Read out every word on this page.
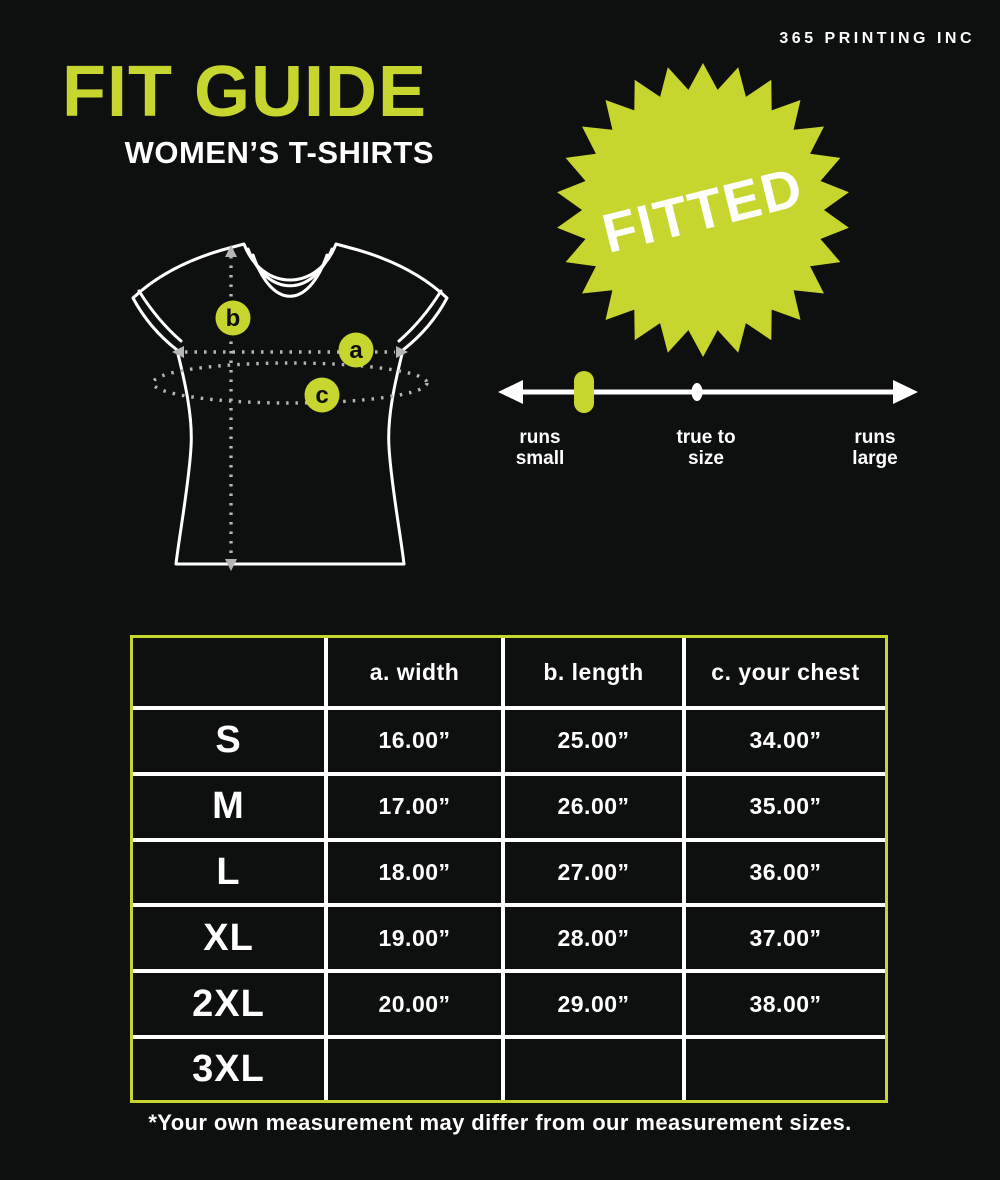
365 PRINTING INC
FIT GUIDE
WOMEN’S T-SHIRTS
b
a
c
FITTED
runs
small
true to
size
runs
large
	a. width	b. length	c. your chest
S	16.00”	25.00”	34.00”
M	17.00”	26.00”	35.00”
L	18.00”	27.00”	36.00”
XL	19.00”	28.00”	37.00”
2XL	20.00”	29.00”	38.00”
3XL			
*Your own measurement may differ from our measurement sizes.
